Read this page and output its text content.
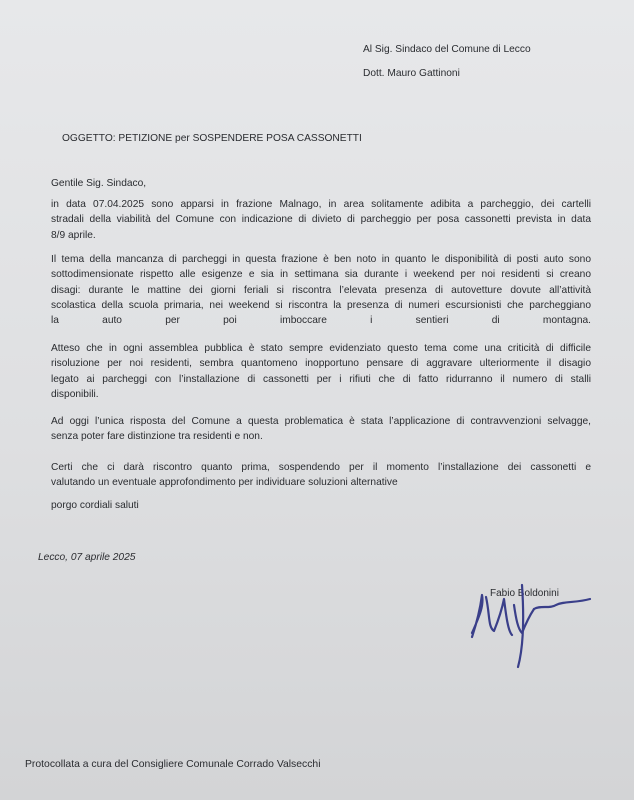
Al Sig. Sindaco del Comune di Lecco
Dott. Mauro Gattinoni
OGGETTO: PETIZIONE per SOSPENDERE POSA CASSONETTI
Gentile Sig. Sindaco,
in data 07.04.2025 sono apparsi in frazione Malnago, in area solitamente adibita a parcheggio, dei cartelli
stradali della viabilità del Comune con indicazione di divieto di parcheggio per posa cassonetti prevista in data
8/9 aprile.
Il tema della mancanza di parcheggi in questa frazione è ben noto in quanto le disponibilità di posti auto sono
sottodimensionate rispetto alle esigenze e sia in settimana sia durante i weekend per noi residenti si creano
disagi: durante le mattine dei giorni feriali si riscontra l’elevata presenza di autovetture dovute all’attività
scolastica della scuola primaria, nei weekend si riscontra la presenza di numeri escursionisti che parcheggiano
la auto per poi imboccare i sentieri di montagna.
Atteso che in ogni assemblea pubblica è stato sempre evidenziato questo tema come una criticità di difficile
risoluzione per noi residenti, sembra quantomeno inopportuno pensare di aggravare ulteriormente il disagio
legato ai parcheggi con l’installazione di cassonetti per i rifiuti che di fatto ridurranno il numero di stalli
disponibili.
Ad oggi l’unica risposta del Comune a questa problematica è stata l’applicazione di contravvenzioni selvagge,
senza poter fare distinzione tra residenti e non.
Certi che ci darà riscontro quanto prima, sospendendo per il momento l’installazione dei cassonetti e
valutando un eventuale approfondimento per individuare soluzioni alternative
porgo cordiali saluti
Lecco, 07 aprile 2025
Fabio Boldonini
Protocollata a cura del Consigliere Comunale Corrado Valsecchi
